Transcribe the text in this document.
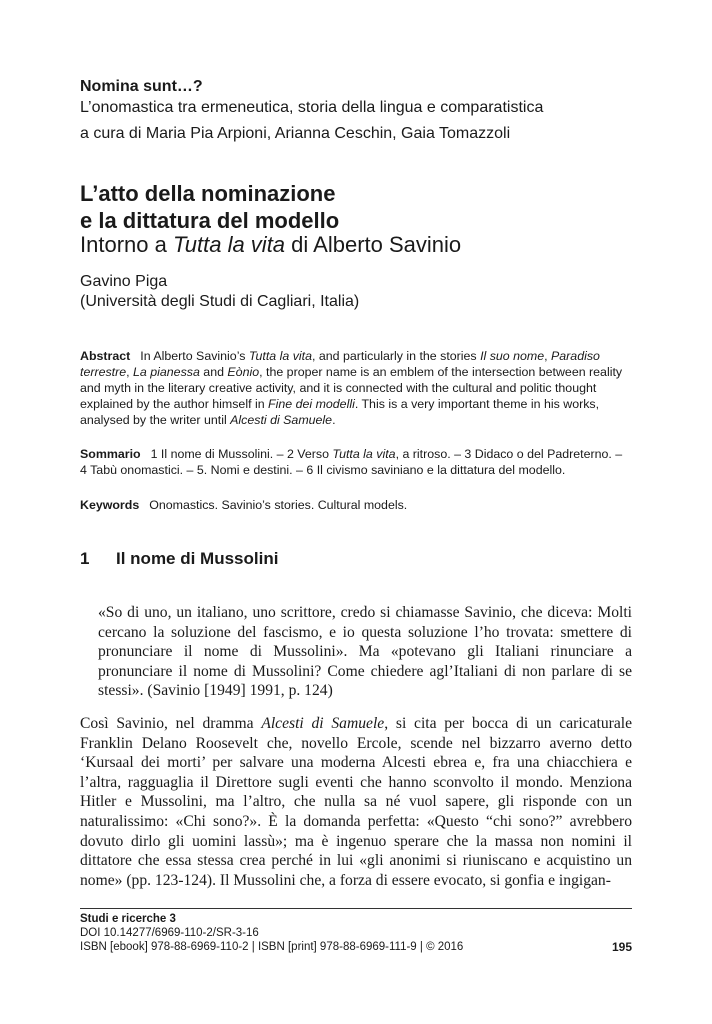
Nomina sunt…?
L’onomastica tra ermeneutica, storia della lingua e comparatistica
a cura di Maria Pia Arpioni, Arianna Ceschin, Gaia Tomazzoli
L’atto della nominazione
e la dittatura del modello
Intorno a Tutta la vita di Alberto Savinio
Gavino Piga
(Università degli Studi di Cagliari, Italia)
Abstract In Alberto Savinio’s Tutta la vita, and particularly in the stories Il suo nome, Paradiso terrestre, La pianessa and Eònio, the proper name is an emblem of the intersection between reality and myth in the literary creative activity, and it is connected with the cultural and politic thought explained by the author himself in Fine dei modelli. This is a very important theme in his works, analysed by the writer until Alcesti di Samuele.
Sommario 1 Il nome di Mussolini. – 2 Verso Tutta la vita, a ritroso. – 3 Didaco o del Padreterno. – 4 Tabù onomastici. – 5. Nomi e destini. – 6 Il civismo saviniano e la dittatura del modello.
Keywords Onomastics. Savinio’s stories. Cultural models.
1 Il nome di Mussolini
«So di uno, un italiano, uno scrittore, credo si chiamasse Savinio, che diceva: Molti cercano la soluzione del fascismo, e io questa soluzione l’ho trovata: smettere di pronunciare il nome di Mussolini». Ma «potevano gli Italiani rinunciare a pronunciare il nome di Mussolini? Come chiedere agl’Italiani di non parlare di se stessi». (Savinio [1949] 1991, p. 124)
Così Savinio, nel dramma Alcesti di Samuele, si cita per bocca di un caricaturale Franklin Delano Roosevelt che, novello Ercole, scende nel bizzarro averno detto ‘Kursaal dei morti’ per salvare una moderna Alcesti ebrea e, fra una chiacchiera e l’altra, ragguaglia il Direttore sugli eventi che hanno sconvolto il mondo. Menziona Hitler e Mussolini, ma l’altro, che nulla sa né vuol sapere, gli risponde con un naturalissimo: «Chi sono?». È la domanda perfetta: «Questo “chi sono?” avrebbero dovuto dirlo gli uomini lassù»; ma è ingenuo sperare che la massa non nomini il dittatore che essa stessa crea perché in lui «gli anonimi si riuniscano e acquistino un nome» (pp. 123-124). Il Mussolini che, a forza di essere evocato, si gonfia e ingigan-
Studi e ricerche 3
DOI 10.14277/6969-110-2/SR-3-16
ISBN [ebook] 978-88-6969-110-2 | ISBN [print] 978-88-6969-111-9 | © 2016	195
